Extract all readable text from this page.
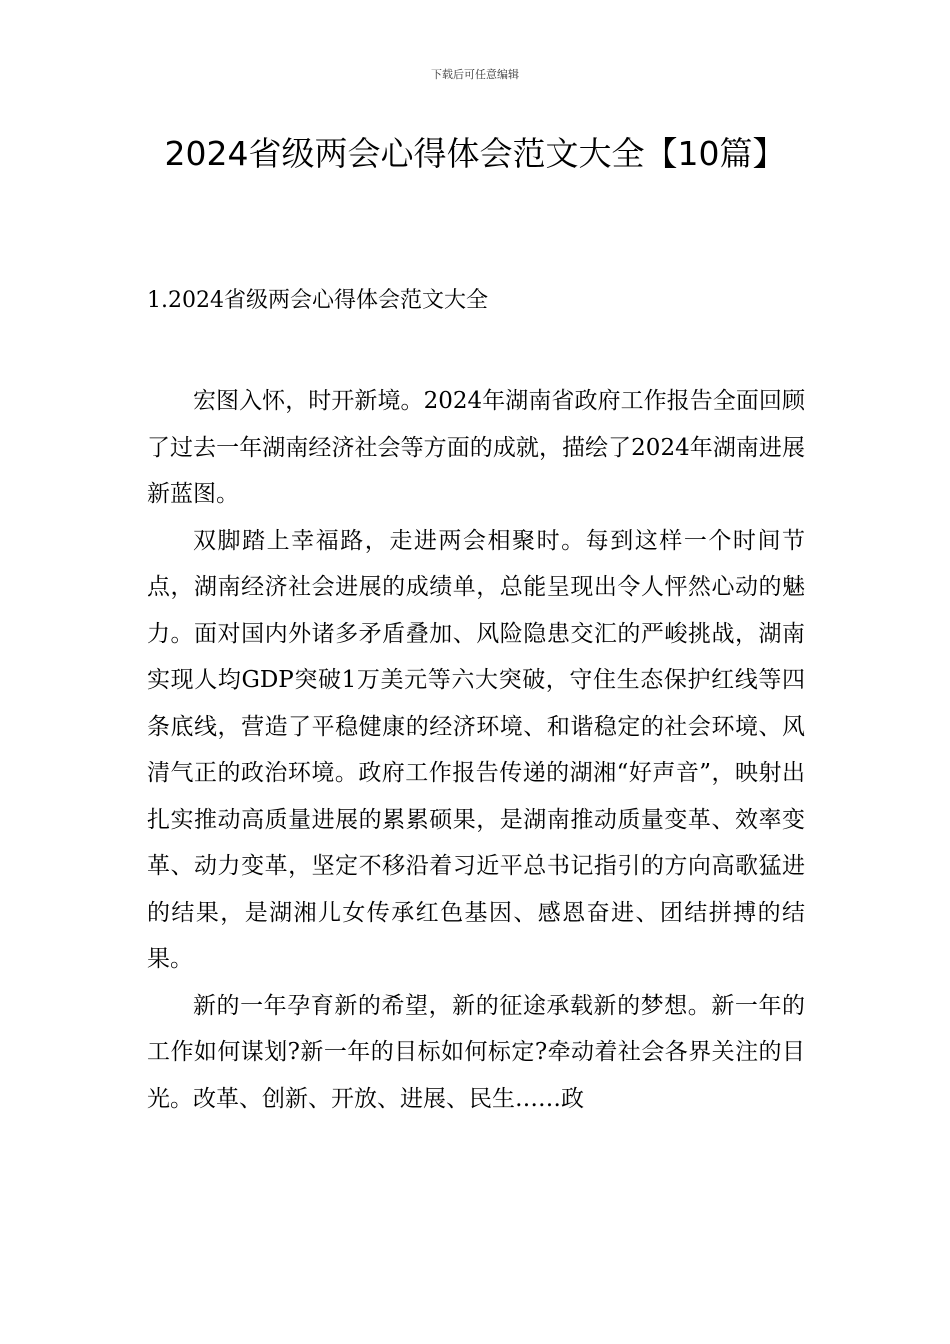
下载后可任意编辑
2024省级两会心得体会范文大全【10篇】
1.2024省级两会心得体会范文大全

宏图入怀，时开新境。2024年湖南省政府工作报告全面回顾了过去一年湖南经济社会等方面的成就，描绘了2024年湖南进展新蓝图。

双脚踏上幸福路，走进两会相聚时。每到这样一个时间节点，湖南经济社会进展的成绩单，总能呈现出令人怦然心动的魅力。面对国内外诸多矛盾叠加、风险隐患交汇的严峻挑战，湖南实现人均GDP突破1万美元等六大突破，守住生态保护红线等四条底线，营造了平稳健康的经济环境、和谐稳定的社会环境、风清气正的政治环境。政府工作报告传递的湖湘“好声音”，映射出扎实推动高质量进展的累累硕果，是湖南推动质量变革、效率变革、动力变革，坚定不移沿着习近平总书记指引的方向高歌猛进的结果，是湖湘儿女传承红色基因、感恩奋进、团结拼搏的结果。

新的一年孕育新的希望，新的征途承载新的梦想。新一年的工作如何谋划?新一年的目标如何标定?牵动着社会各界关注的目光。改革、创新、开放、进展、民生……政
